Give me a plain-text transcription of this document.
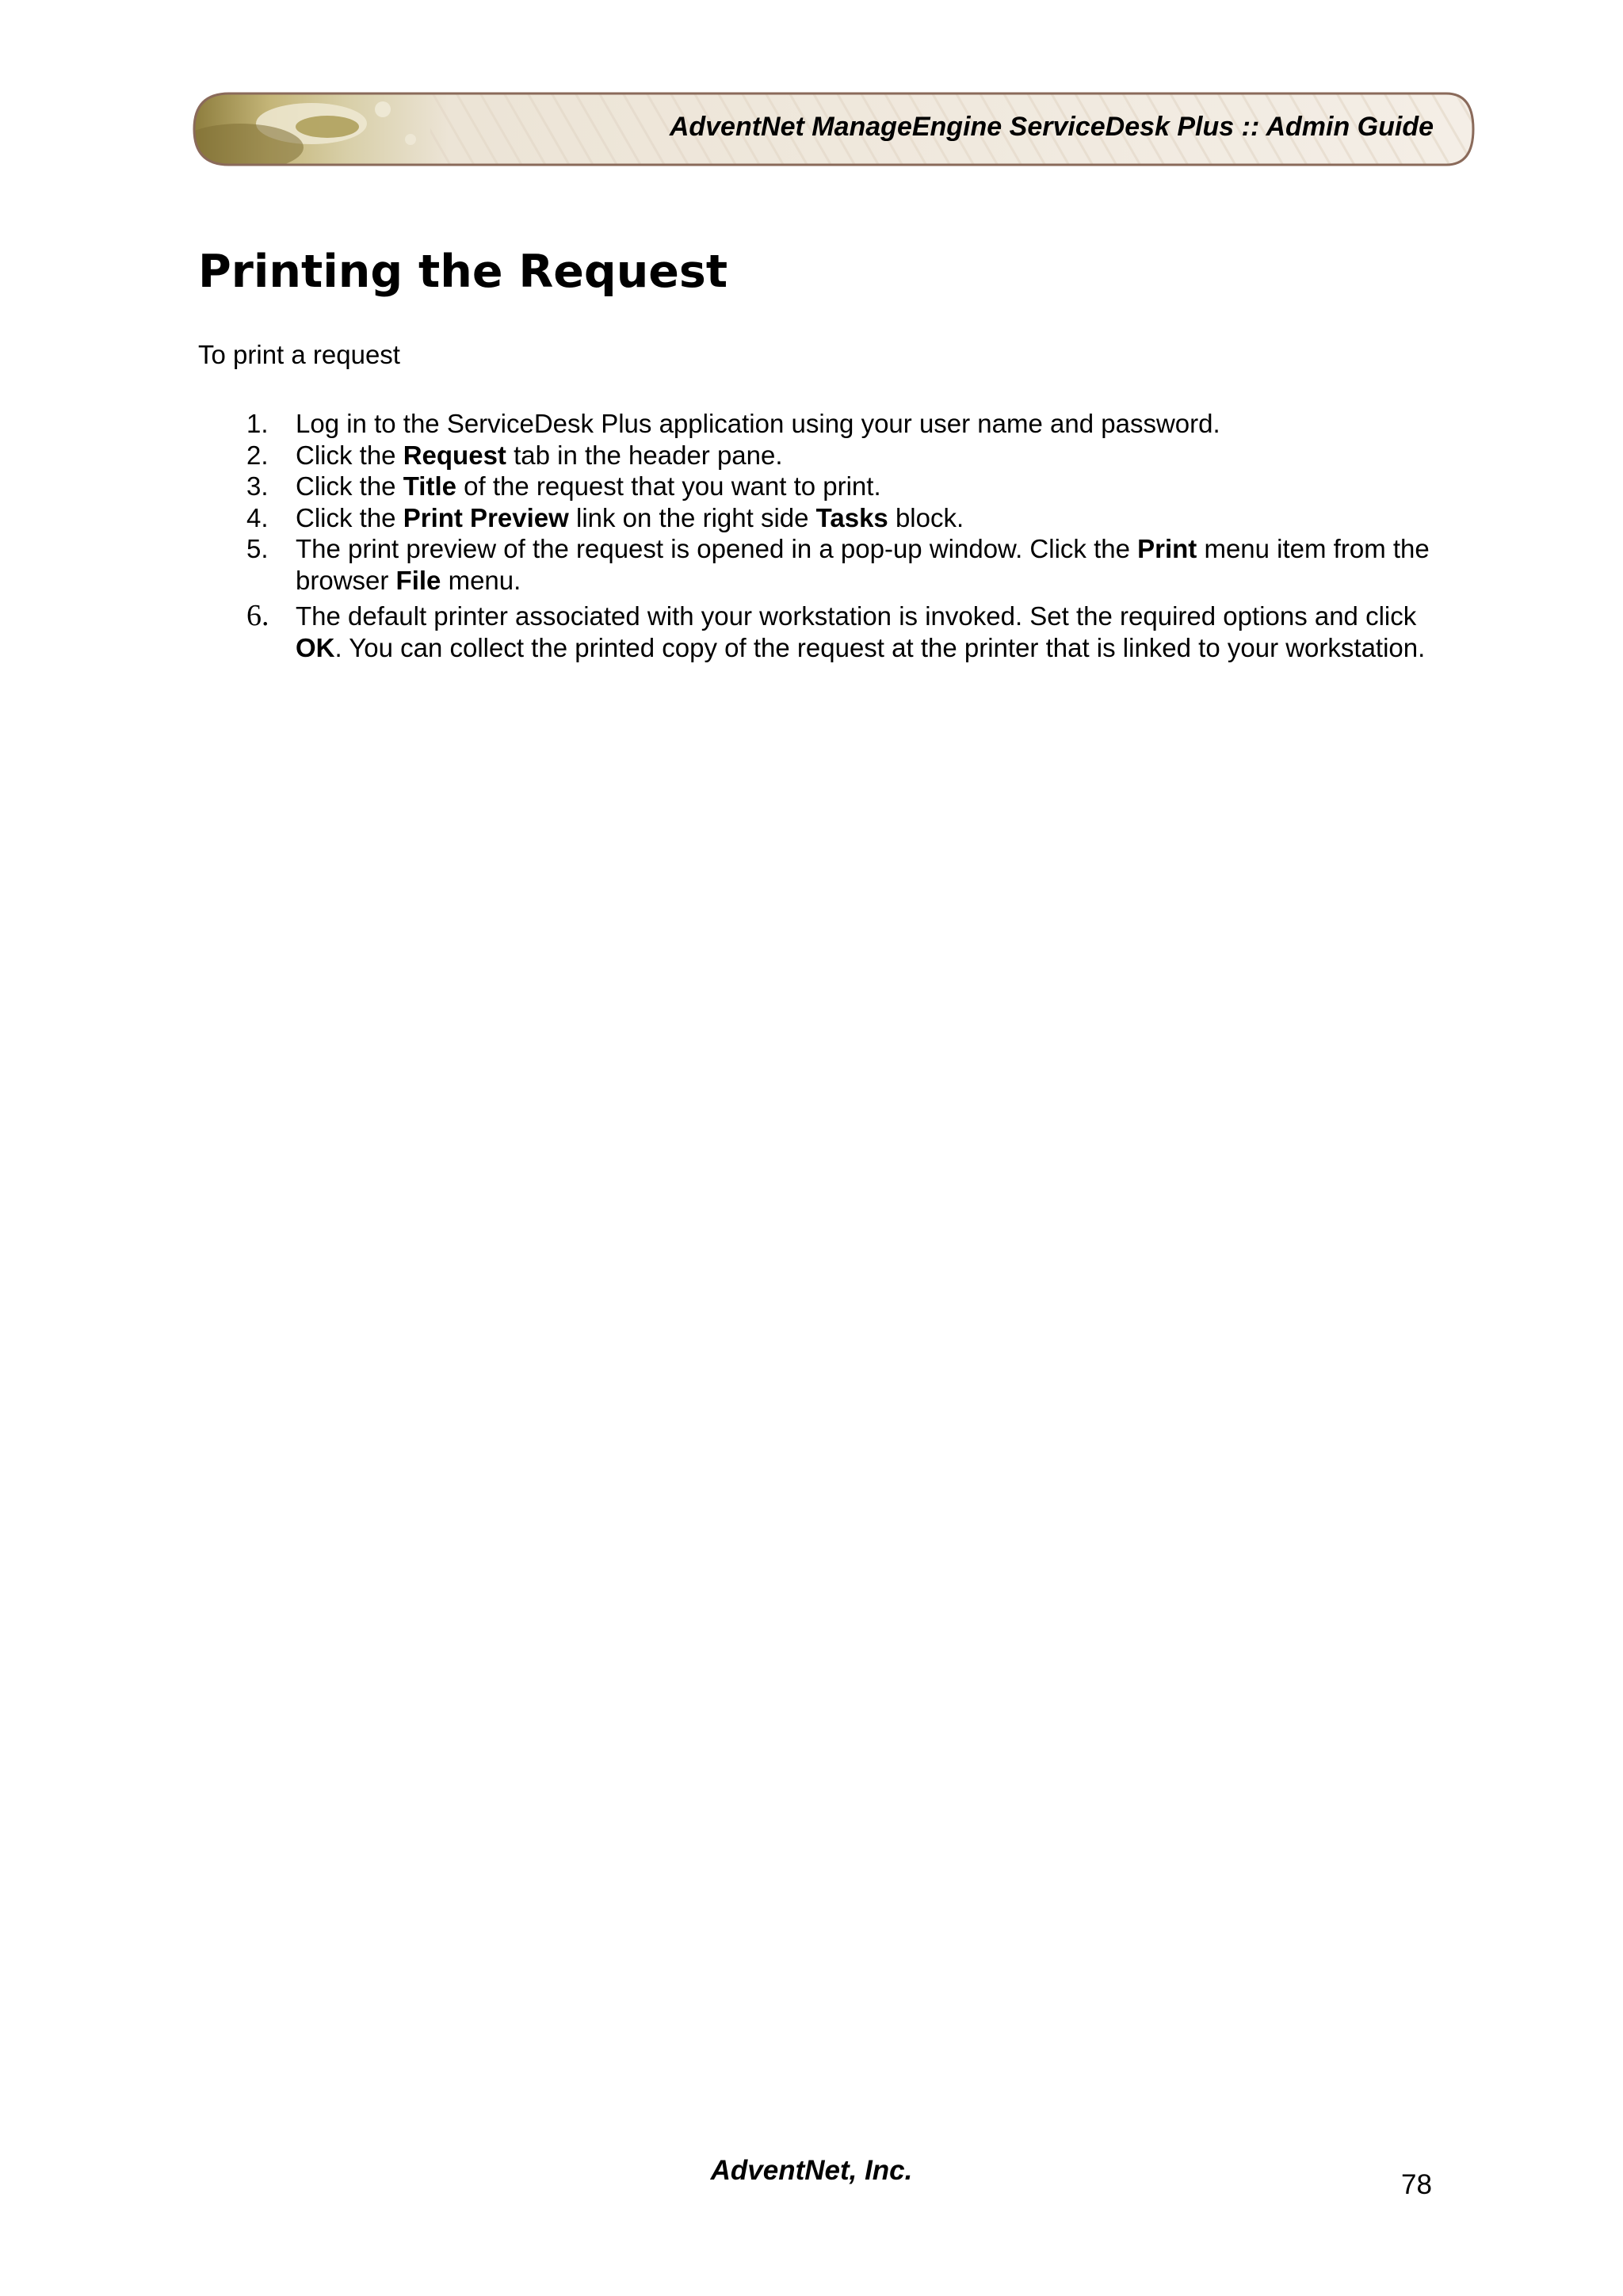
AdventNet ManageEngine ServiceDesk Plus :: Admin Guide
Printing the Request

To print a request

1. Log in to the ServiceDesk Plus application using your user name and password.
2. Click the Request tab in the header pane.
3. Click the Title of the request that you want to print.
4. Click the Print Preview link on the right side Tasks block.
5. The print preview of the request is opened in a pop-up window. Click the Print menu item from the browser File menu.
6. The default printer associated with your workstation is invoked. Set the required options and click OK. You can collect the printed copy of the request at the printer that is linked to your workstation.
AdventNet, Inc.	78
